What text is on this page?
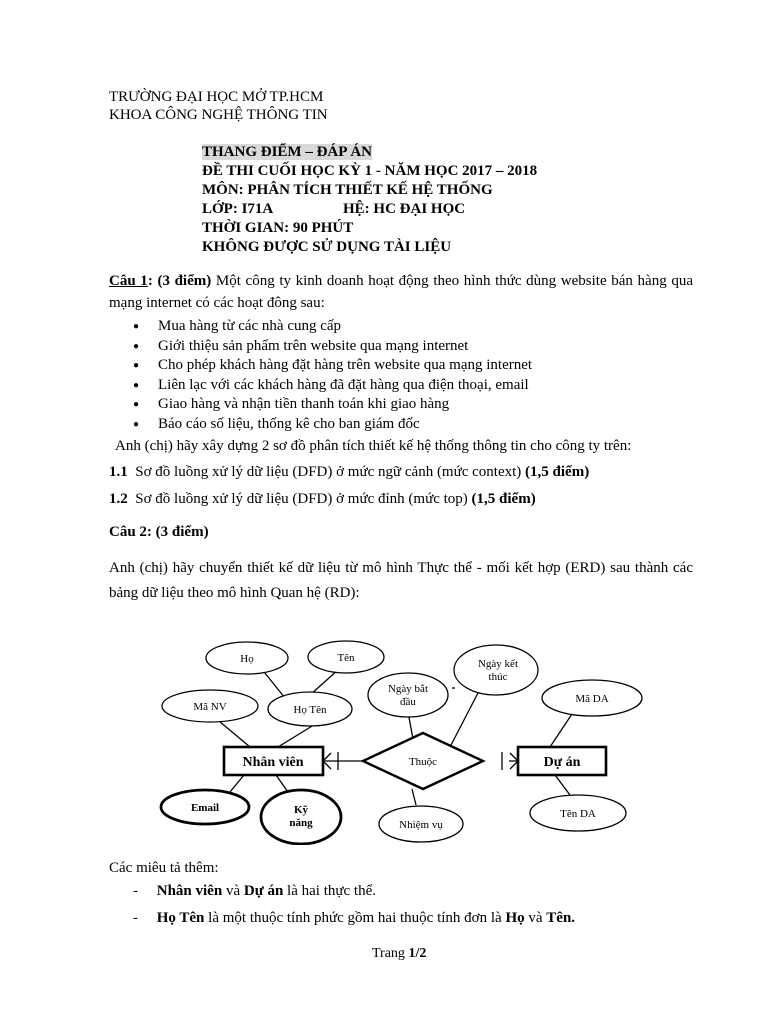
TRƯỜNG ĐẠI HỌC MỞ TP.HCM
KHOA CÔNG NGHỆ THÔNG TIN
THANG ĐIỂM – ĐÁP ÁN
ĐỀ THI CUỐI HỌC KỲ 1 - NĂM HỌC 2017 – 2018
MÔN: PHÂN TÍCH THIẾT KẾ HỆ THỐNG
LỚP: I71A	HỆ: HC ĐẠI HỌC
THỜI GIAN: 90 PHÚT
KHÔNG ĐƯỢC SỬ DỤNG TÀI LIỆU
Câu 1: (3 điểm) Một công ty kinh doanh hoạt động theo hình thức dùng website bán hàng qua mạng internet có các hoạt đông sau:
● Mua hàng từ các nhà cung cấp
● Giới thiệu sản phẩm trên website qua mạng internet
● Cho phép khách hàng đặt hàng trên website qua mạng internet
● Liên lạc với các khách hàng đã đặt hàng qua điện thoại, email
● Giao hàng và nhận tiền thanh toán khi giao hàng
● Báo cáo số liệu, thống kê cho ban giám đốc
Anh (chị) hãy xây dựng 2 sơ đồ phân tích thiết kế hệ thống thông tin cho công ty trên:
1.1 Sơ đồ luồng xử lý dữ liệu (DFD) ở mức ngữ cảnh (mức context) (1,5 điểm)
1.2 Sơ đồ luồng xử lý dữ liệu (DFD) ở mức đỉnh (mức top) (1,5 điểm)
Câu 2: (3 điểm)
Anh (chị) hãy chuyển thiết kế dữ liệu từ mô hình Thực thể - mối kết hợp (ERD) sau thành các bảng dữ liệu theo mô hình Quan hệ (RD):
Họ	Tên
Mã NV	Họ Tên
Ngày bắt
đầu
Ngày kết
thúc
Mã DA
Tên DA
Email	Kỹ
năng	Nhiệm vụ
Nhân viên	Dự án
Thuộc
Các miêu tả thêm:
-     Nhân viên và Dự án là hai thực thể.
-     Họ Tên là một thuộc tính phức gồm hai thuộc tính đơn là Họ và Tên.
Trang 1/2
